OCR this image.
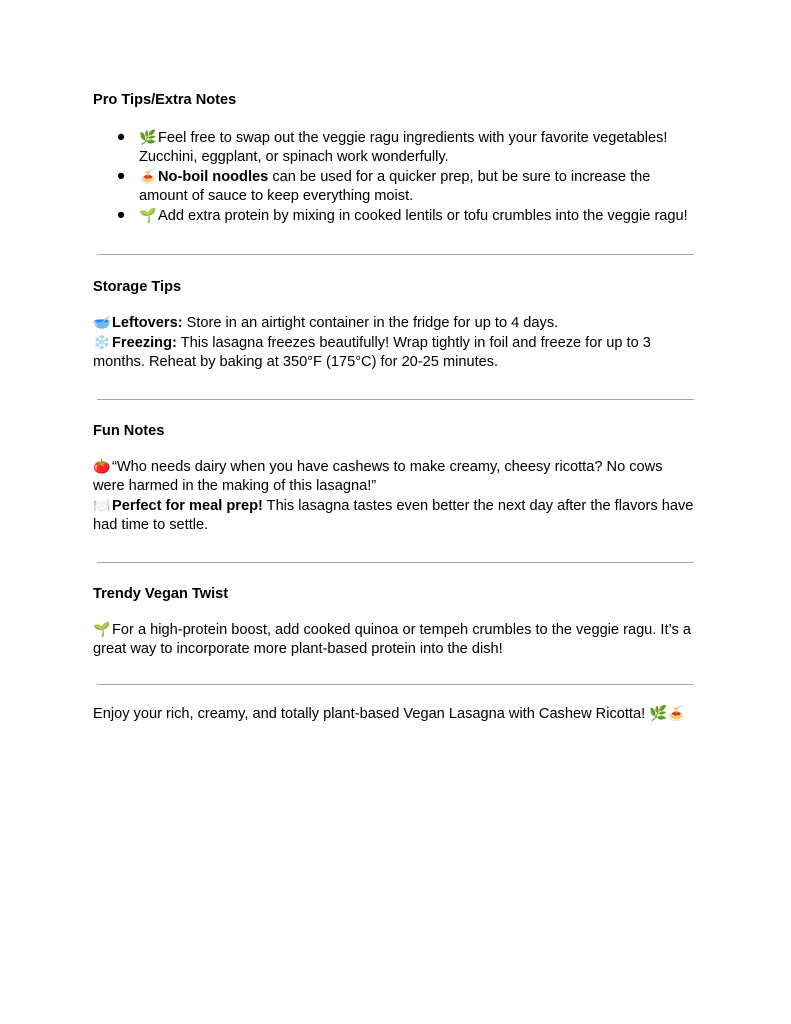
Pro Tips/Extra Notes

● 🌿 Feel free to swap out the veggie ragu ingredients with your favorite vegetables! Zucchini, eggplant, or spinach work wonderfully.
● 🍝 No-boil noodles can be used for a quicker prep, but be sure to increase the amount of sauce to keep everything moist.
● 🌱 Add extra protein by mixing in cooked lentils or tofu crumbles into the veggie ragu!

Storage Tips

🥣 Leftovers: Store in an airtight container in the fridge for up to 4 days.

❄️ Freezing: This lasagna freezes beautifully! Wrap tightly in foil and freeze for up to 3 months. Reheat by baking at 350°F (175°C) for 20-25 minutes.

Fun Notes

🍅 “Who needs dairy when you have cashews to make creamy, cheesy ricotta? No cows were harmed in the making of this lasagna!”

🍽️ Perfect for meal prep! This lasagna tastes even better the next day after the flavors have had time to settle.

Trendy Vegan Twist

🌱 For a high-protein boost, add cooked quinoa or tempeh crumbles to the veggie ragu. It’s a great way to incorporate more plant-based protein into the dish!

Enjoy your rich, creamy, and totally plant-based Vegan Lasagna with Cashew Ricotta! 🌿🍝
